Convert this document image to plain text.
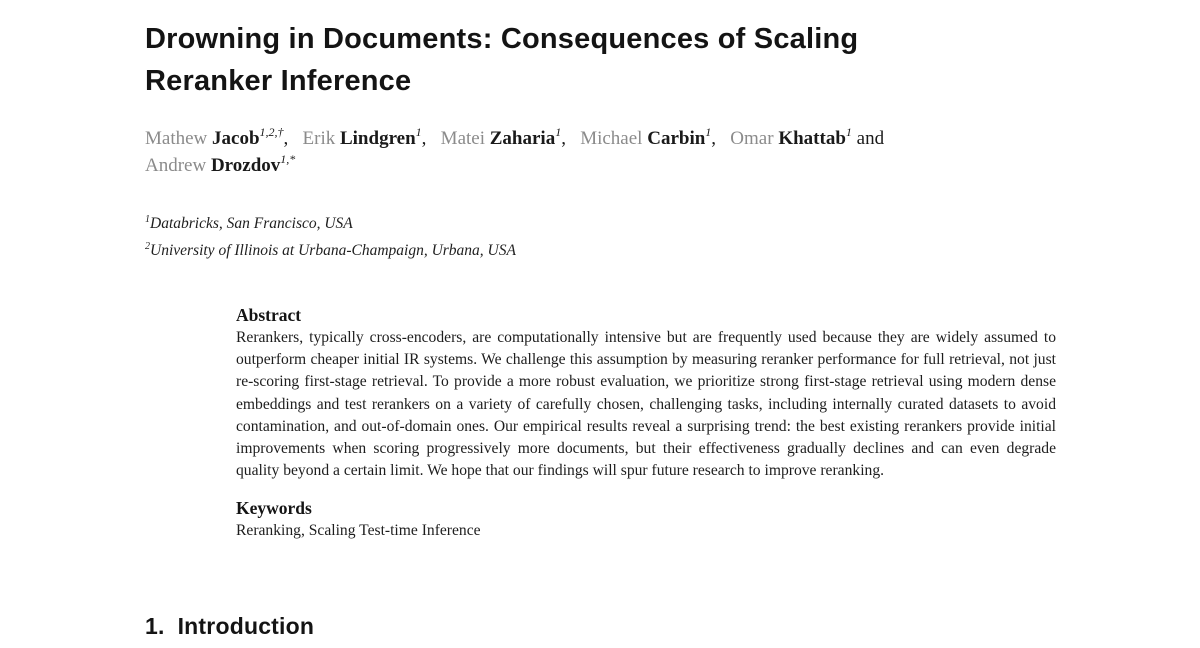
Drowning in Documents: Consequences of Scaling Reranker Inference
Mathew Jacob$^{1,2,\dagger}$,  Erik Lindgren$^1$,  Matei Zaharia$^1$,  Michael Carbin$^1$,  Omar Khattab$^1$ and
Andrew Drozdov$^{1,*}$
$^1$Databricks, San Francisco, USA
$^2$University of Illinois at Urbana-Champaign, Urbana, USA
Abstract

Rerankers, typically cross-encoders, are computationally intensive but are frequently used because they are widely assumed to outperform cheaper initial IR systems. We challenge this assumption by measuring reranker performance for full retrieval, not just re-scoring first-stage retrieval. To provide a more robust evaluation, we prioritize strong first-stage retrieval using modern dense embeddings and test rerankers on a variety of carefully chosen, challenging tasks, including internally curated datasets to avoid contamination, and out-of-domain ones. Our empirical results reveal a surprising trend: the best existing rerankers provide initial improvements when scoring progressively more documents, but their effectiveness gradually declines and can even degrade quality beyond a certain limit. We hope that our findings will spur future research to improve reranking.

Keywords

Reranking, Scaling Test-time Inference

1. Introduction
